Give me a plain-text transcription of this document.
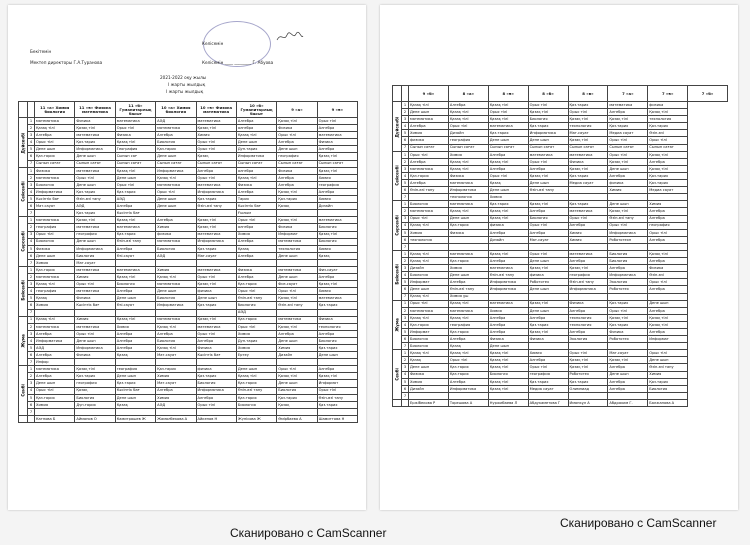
Бекітемін
Мектеп директоры Г.А.Туранова
Келісемін
Келісемін ____ ________ Г. Абуова
2021-2022 оқу жылы
I жарты жылдық
I жарты жылдық
		11 «а» Химия биология	11 «ә» Физика математика	11 «б» Гуманитарлық бағыт	10 «а» Химия биология	10 «ә» Физика математика	10 «б» Гуманитарлық бағыт	9 «а»	9 «ә»
Дүйсенбі	1	математика	Физика	математика	АӘД	математика	Алгебра	Қазақ тілі	Орыс тілі
	2	Қазақ тілі	Қазақ тілі	Орыс тілі	математика	Қазақ тілі	алгебра	Физика	Алгебра
	3	Алгебра	математика	Физика	Алгебра	Химия	Қазақ тілі	Орыс тілі	математика
	4	Орыс тілі	Қаз.тарих	Қазақ тілі	Биология	Орыс тілі	Дене шын	Алгебра	Физика
	5	Дене шын	Информатика	География	Қаз.тарих	Орыс тілі	Дүн.тарих	Дене шын	Алгебра
	6	Қаз.тарих	Дене шын	Сынып сағ	Дене шын	Қазақ	Информатика	география	Қазақ тілі
	7	Сынып сағат	Сынып сағат	Сынып сағат	Сынып сағат	Сынып сағат	Сынып сағат	Сынып сағат	Сынып сағат
Сейсенбі	1	Физика	математика	Қазақ тілі	Информатика	Алгебра	алгебра	Физика	Қазақ тілі
	2	математика	Орыс тілі	Дене шын	Қазақ тілі	Орыс тілі	Қазақ тілі	Алгебра	Химия
	3	Биология	Дене шын	Орыс тілі	математика	математика	Физика	Алгебра	география
	4	Информатика	Қаз.тарих	Қаз.тарих	Орыс тілі	Информатика	Алгебра	Қазақ тілі	Алгебра
	5	Кәсіптік бағ	Өзін-өзі тану	АӘД	Дене шын	Қаз.тарих	Тарих	Қаз.тарих	Химия
	6	Мат.сауат	АӘД	Алгебра	Дене шын	Өзін-өзі тану	Кәсіптік бағ	Қазақ	Дизайн
	7		Қаз.тарих	Кәсіптік бағ			Ғылым		
Сәрсенбі	1	математика	Қазақ тілі	Қазақ тілі	Алгебра	Қазақ тілі	Орыс тілі	Қазақ тілі	математика
	2	география	математика	математика	Химия	Қазақ тілі	алгебра	Физика	Биология
	3	Орыс тілі	география	Қаз.тарих	физика	математика	Химия	Информат	Қазақ тілі
	4	Биология	Дене шын	Өзін-өзі тану	математика	Информатика	Алгебра	математика	Биология
	5	Физика	Информатика	Алгебра	Биология	Қаз.тарих	Қазақ	технология	Химия
	6	Дене шын	Биология	Өзі.сауат	АӘД	Мат.сауат	Алгебра	Дене шын	Қазақ
	7	Химия	Мат.сауат						
Бейсенбі	1	Қаз.тарих	математика	математика	Химия	математика	Физика	математика	Физ.сауат
	2	математика	Химия	Қазақ тілі	Қазақ тілі	Орыс тілі	Алгебра	Дене шын	Алгебра
	3	Қазақ тілі	Орыс тілі	Биология	математика	Қазақ тілі	Қаз.тарих	Физ.сауат	Қазақ тілі
	4	география	математика	Алгебра	Дене шын	физика	Орыс тілі	Орыс тілі	Химия
	5	Қазақ	Физика	Дене шын	Биология	Дене шын	Өзін-өзі тану	Қазақ тілі	математика
	6	Химия	Кәсіптік бағ	Өзі.сауат	Информатика	Қаз.тарих	биология	Өзін-өзі тану	Қаз.тарих
	7						АӘД		
Жұма	1	Қазақ тілі	Химия	Қазақ тілі	математика	Қазақ тілі	Қаз.тарих	математика	Физика
	2	математика	математика	Химия	Қазақ тілі	математика	Орыс тілі	Қазақ тілі	технология
	3	Алгебра	Орыс тілі	Алгебра	Алгебра	Орыс тілі	Химия	Алгебра	Алгебра
	4	Информатика	Дене шын	Алгебра	Биология	Алгебра	Дүн.тарих	Дене шын	Биология
	5	АӘД	Информатика	Алгебра	Қазақ тілі	Физика	Химия	Химия	Қаз.тарих
	6	Алгебра	Физика	Қазақ	Мат.сауат	Кәсіптік бағ	Ертеу	Дизайн	Дене шын
	7	Инфор							
Сенбі	1	математика	Қазақ тілі	география	Қаз.тарих	физика	Дене шын	Орыс тілі	Алгебра
	2	Алгебра	Қаз.тарих	Дене шын	Химия	Қаз.тарих	Қазақ тілі	Қазақ тілі	Қазақ тілі
	3	Дене шын	география	Қаз.тарих	Мат.сауат	Биология	Қаз.тарих	Дене шын	Информат
	4	Орыс тілі	Қазақ	Кәсіптік бағ	Алгебра	Информатика	Өзін-өзі тану	Биология	Орыс тілі
	5	Қаз.тарих	Биология	Дене шын	Химия	Алгебра	Қаз.тарих	Қаз.тарих	Өзін-өзі тану
	6	Химия	Дүн.тарих	Қазақ	АӘД	Орыс тілі	Биология	Қазақ	Қаз.тарих
	7								
		Катпова Б	Айманов О	Камитрашев Ж	Жамалбекова А	Айкенов Н	Жүнісова Ж	Өмірбаева А	Шамиттова Н
		9 «б»	8 «а»	8 «ә»	8 «б»	8 «в»	7 «а»	7 «ә»	7 «б»
Дүйсенбі	1	Қазақ тілі	Алгебра	Қазақ тілі	Орыс тілі	Қаз.тарих	математика	физика	
	2	Дене шын	Қазақ тілі	Орыс тілі	Қазақ тілі	Орыс тілі	Алгебра	Қазақ тілі	
	3	математика	Қазақ тілі	Қазақ тілі	Биология	Қазақ тілі	Қазақ тілі	технология	
	4	Алгебра	Орыс тілі	математика	Қаз.тарих	технология	Қаз.тарих	Қаз.тарих	
	5	Химия	Дизайн	Қаз.тарих	Информатика	Мат.сауат	Медиа сауат	Өзін-өзі	
	6	физика	география	Дене шын	Дене шын	Қазақ тілі	Орыс тілі	Орыс тілі	
	7	Сынып сағат	Сынып сағат	Сынып сағат	Сынып сағат	Сынып сағат	Сынып сағат	Сынып сағат	
Сейсенбі	1	Орыс тілі	Химия	Алгебра	математика	математика	Орыс тілі	Қазақ тілі	
	2	Алгебра	Қазақ тілі	Қазақ тілі	Орыс тілі	Физика	Қазақ тілі	Алгебра	
	3	математика	Қазақ тілі	Алгебра	Алгебра	Қазақ тілі	Дене шын	Қазақ тілі	
	4	Қаз.тарих	Физика	Орыс тілі	Қазақ тілі	Қаз.тарих	Алгебра	Қаз.тарих	
	5	Алгебра	математика	Қазақ	Дене шын	Медиа сауат	физика	Қаз.тарих	
	6	Өзін-өзі тану	Информатика	Дене шын	Өзін-өзі тану		Химия	Медиа сауат	
	7		технология	Химия					
Сәрсенбі	1	Биология	математика	Қаз.тарих	Қазақ тілі	Қаз.тарих	Дене шын	Химия	
	2	математика	Қазақ тілі	Қазақ тілі	Алгебра	математика	Қазақ тілі	Алгебра	
	3	Орыс тілі	Дене шын	Қазақ тілі	Биология	Орыс тілі	Өзін-өзі тану	Алгебра	
	4	Қазақ тілі	Қаз.тарих	физика	Орыс тілі	Алгебра	Орыс тілі	география	
	5	Химия	Физика	Алгебра	Алгебра	Химия	Информатика	Орыс тілі	
	6	технология		Дизайн	Мат.сауат	Химия	Робототехн	Алгебра	
	7								
Бейсенбі	1	Қазақ тілі	математика	Қазақ тілі	Орыс тілі	математика	Биология	Қазақ тілі	
	2	Қазақ тілі	Қаз.тарих	Алгебра	Дене шын	Алгебра	Биология	Алгебра	
	3	Дизайн	Химия	математика	Қазақ тілі	Қазақ тілі	Алгебра	Физика	
	4	Биология	Дене шын	Өзін-өзі тану	физика	география	Информатика	Өзін-өзі	
	5	Информат	Алгебра	Информатика	Робототех	Өзін-өзі тану	Экология	Орыс тілі	
	6	Дене шын	Өзін-өзі тану	Информатика	Дене шын	Информатика	Робототех	Алгебра	
	7	Қазақ тілі	Химия ұш						
Жұма	1	Орыс тілі	Қазақ тілі	математика	Қазақ тілі	Физика	Қаз.тарих	Дене шын	
	2	математика	математика	Химия	Дене шын	Алгебра	Орыс тілі	Алгебра	
	3	Қазақ тілі	Қазақ тілі	Алгебра	Алгебра	технология	Қазақ тілі	Қазақ тілі	
	4	Қаз.тарих	география	Алгебра	Қаз.тарих	технология	Қаз.тарих	Қазақ тілі	
	5	Информат	Қаз.тарих	Алгебра	Қазақ тілі	Алгебра	Физика	Алгебра	
	6	Биология	Алгебра	Физика	Физика	Экология	Робототех	Информат	
	7	Биология	Қазақ	Дене шын					
Сенбі	1	Қазақ тілі	Қазақ тілі	Қазақ тілі	Химия	Орыс тілі	Мат.сауат	Орыс тілі	
	2	Қазақ	Орыс тілі	Қазақ тілі	Алгебра	Қазақ тілі	Қазақ тілі	Дене шын	
	3	Дене шын	Қаз.тарих	Қазақ тілі	Орыс тілі	Қазақ тілі	Алгебра	Өзін-өзі тану	
	4	Физика	Қаз.тарих	Биология	география	Робототех	Дене шын	Химия	
	5	Химия	Алгебра	Қазақ тілі	Қаз.тарих	Қаз.тарих	Алгебра	Қаз.тарих	
	6	Дизайн	Информатика	Қазақ тілі	Медиа сауат	Олимпиад	Алгебра	Биология	
	7								
		Ержібекова Р	Торешова А	Нуржибаева Л	Абдукаметова Г	Иманкұл А	Абдрахим Г.	Балжанова А	
Сканировано с CamScanner
Сканировано с CamScanner
